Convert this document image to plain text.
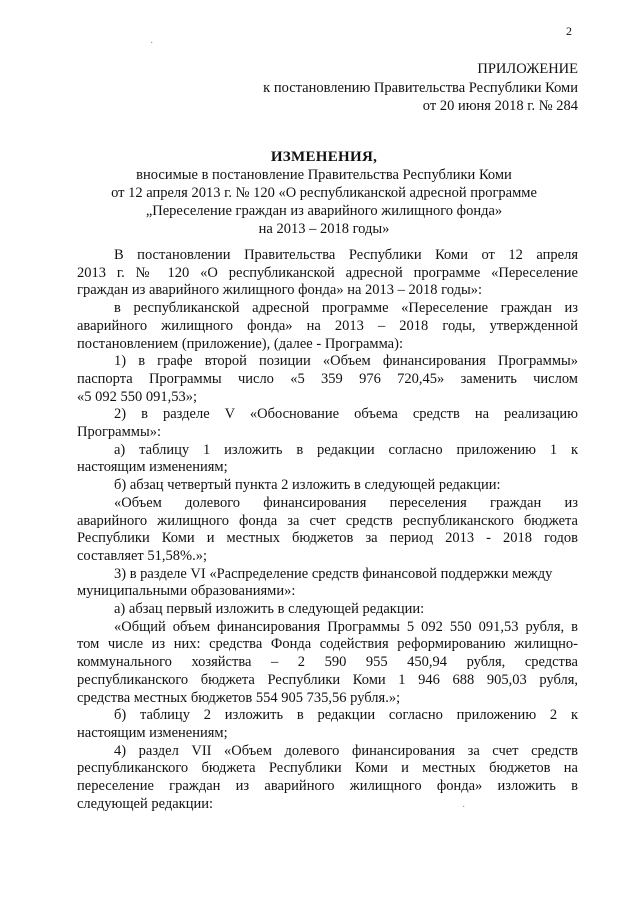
2
ПРИЛОЖЕНИЕ
к постановлению Правительства Республики Коми
от 20 июня 2018 г. № 284
ИЗМЕНЕНИЯ,
вносимые в постановление Правительства Республики Коми
от 12 апреля 2013 г. № 120 «О республиканской адресной программе
„Переселение граждан из аварийного жилищного фонда»
на 2013 – 2018 годы»
В постановлении Правительства Республики Коми от 12 апреля
2013 г. № 120 «О республиканской адресной программе «Переселение
граждан из аварийного жилищного фонда» на 2013 – 2018 годы»:
в республиканской адресной программе «Переселение граждан из
аварийного жилищного фонда» на 2013 – 2018 годы, утвержденной
постановлением (приложение), (далее - Программа):
1) в графе второй позиции «Объем финансирования Программы»
паспорта Программы число «5 359 976 720,45» заменить числом
«5 092 550 091,53»;
2) в разделе V «Обоснование объема средств на реализацию
Программы»:
а) таблицу 1 изложить в редакции согласно приложению 1 к
настоящим изменениям;
б) абзац четвертый пункта 2 изложить в следующей редакции:
«Объем долевого финансирования переселения граждан из
аварийного жилищного фонда за счет средств республиканского бюджета
Республики Коми и местных бюджетов за период 2013 - 2018 годов
составляет 51,58%.»;
3) в разделе VI «Распределение средств финансовой поддержки между
муниципальными образованиями»:
а) абзац первый изложить в следующей редакции:
«Общий объем финансирования Программы 5 092 550 091,53 рубля, в
том числе из них: средства Фонда содействия реформированию жилищно-
коммунального хозяйства – 2 590 955 450,94 рубля, средства
республиканского бюджета Республики Коми 1 946 688 905,03 рубля,
средства местных бюджетов 554 905 735,56 рубля.»;
б) таблицу 2 изложить в редакции согласно приложению 2 к
настоящим изменениям;
4) раздел VII «Объем долевого финансирования за счет средств
республиканского бюджета Республики Коми и местных бюджетов на
переселение граждан из аварийного жилищного фонда» изложить в
следующей редакции:
·
·
